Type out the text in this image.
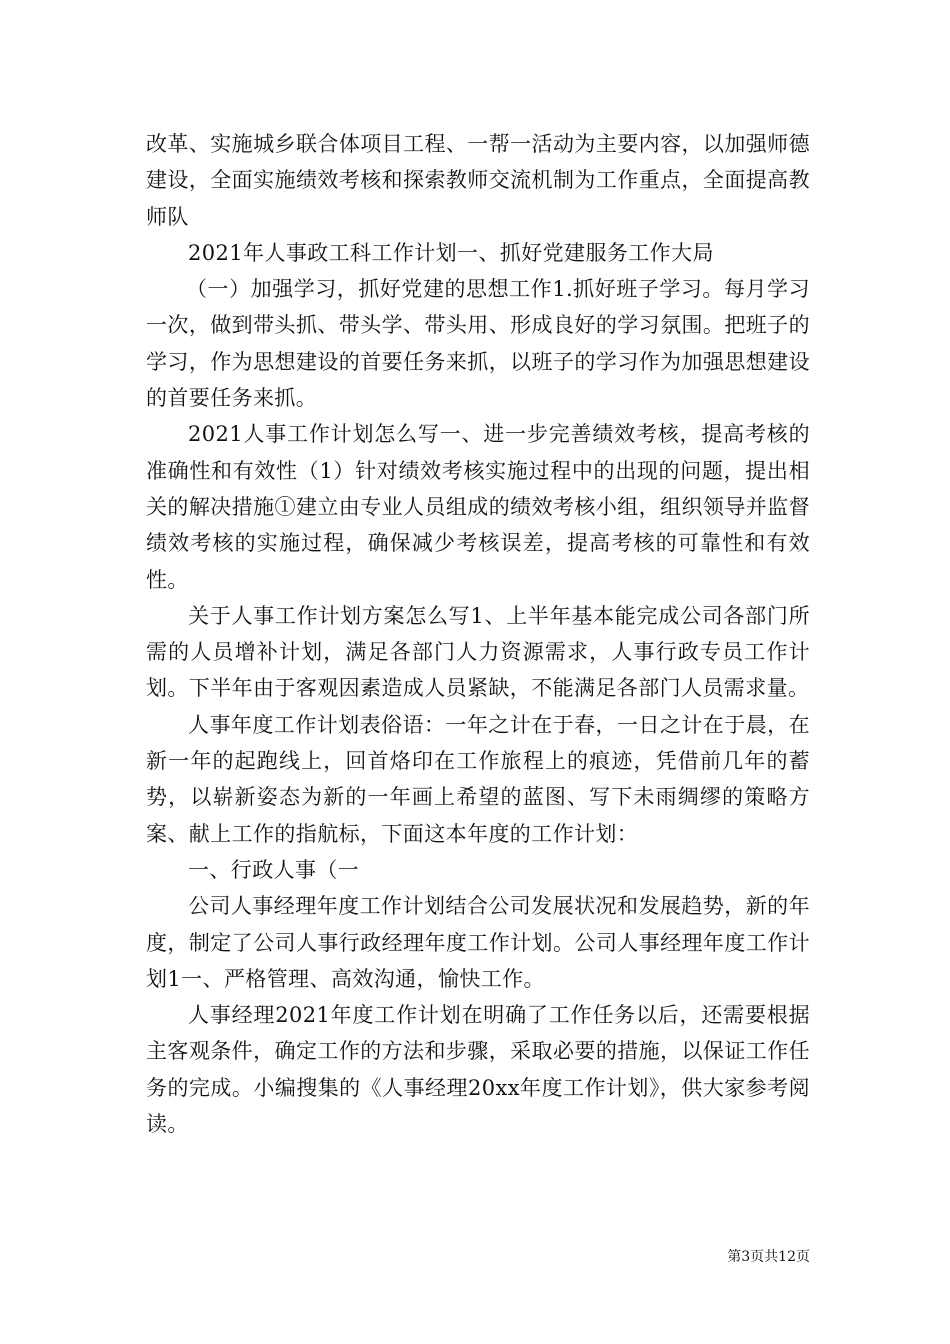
改革、实施城乡联合体项目工程、一帮一活动为主要内容，以加强师德建设，全面实施绩效考核和探索教师交流机制为工作重点，全面提高教师队

2021年人事政工科工作计划一、抓好党建服务工作大局

（一）加强学习，抓好党建的思想工作1.抓好班子学习。每月学习一次，做到带头抓、带头学、带头用、形成良好的学习氛围。把班子的学习，作为思想建设的首要任务来抓，以班子的学习作为加强思想建设的首要任务来抓。

2021人事工作计划怎么写一、进一步完善绩效考核，提高考核的准确性和有效性（1）针对绩效考核实施过程中的出现的问题，提出相关的解决措施①建立由专业人员组成的绩效考核小组，组织领导并监督绩效考核的实施过程，确保减少考核误差，提高考核的可靠性和有效性。

关于人事工作计划方案怎么写1、上半年基本能完成公司各部门所需的人员增补计划，满足各部门人力资源需求，人事行政专员工作计划。下半年由于客观因素造成人员紧缺，不能满足各部门人员需求量。

人事年度工作计划表俗语：一年之计在于春，一日之计在于晨，在新一年的起跑线上，回首烙印在工作旅程上的痕迹，凭借前几年的蓄势，以崭新姿态为新的一年画上希望的蓝图、写下未雨绸缪的策略方案、献上工作的指航标，下面这本年度的工作计划：

一、行政人事（一

公司人事经理年度工作计划结合公司发展状况和发展趋势，新的年度，制定了公司人事行政经理年度工作计划。公司人事经理年度工作计划1一、严格管理、高效沟通，愉快工作。

人事经理2021年度工作计划在明确了工作任务以后，还需要根据主客观条件，确定工作的方法和步骤，采取必要的措施，以保证工作任务的完成。小编搜集的《人事经理20xx年度工作计划》，供大家参考阅读。

第3页共12页
